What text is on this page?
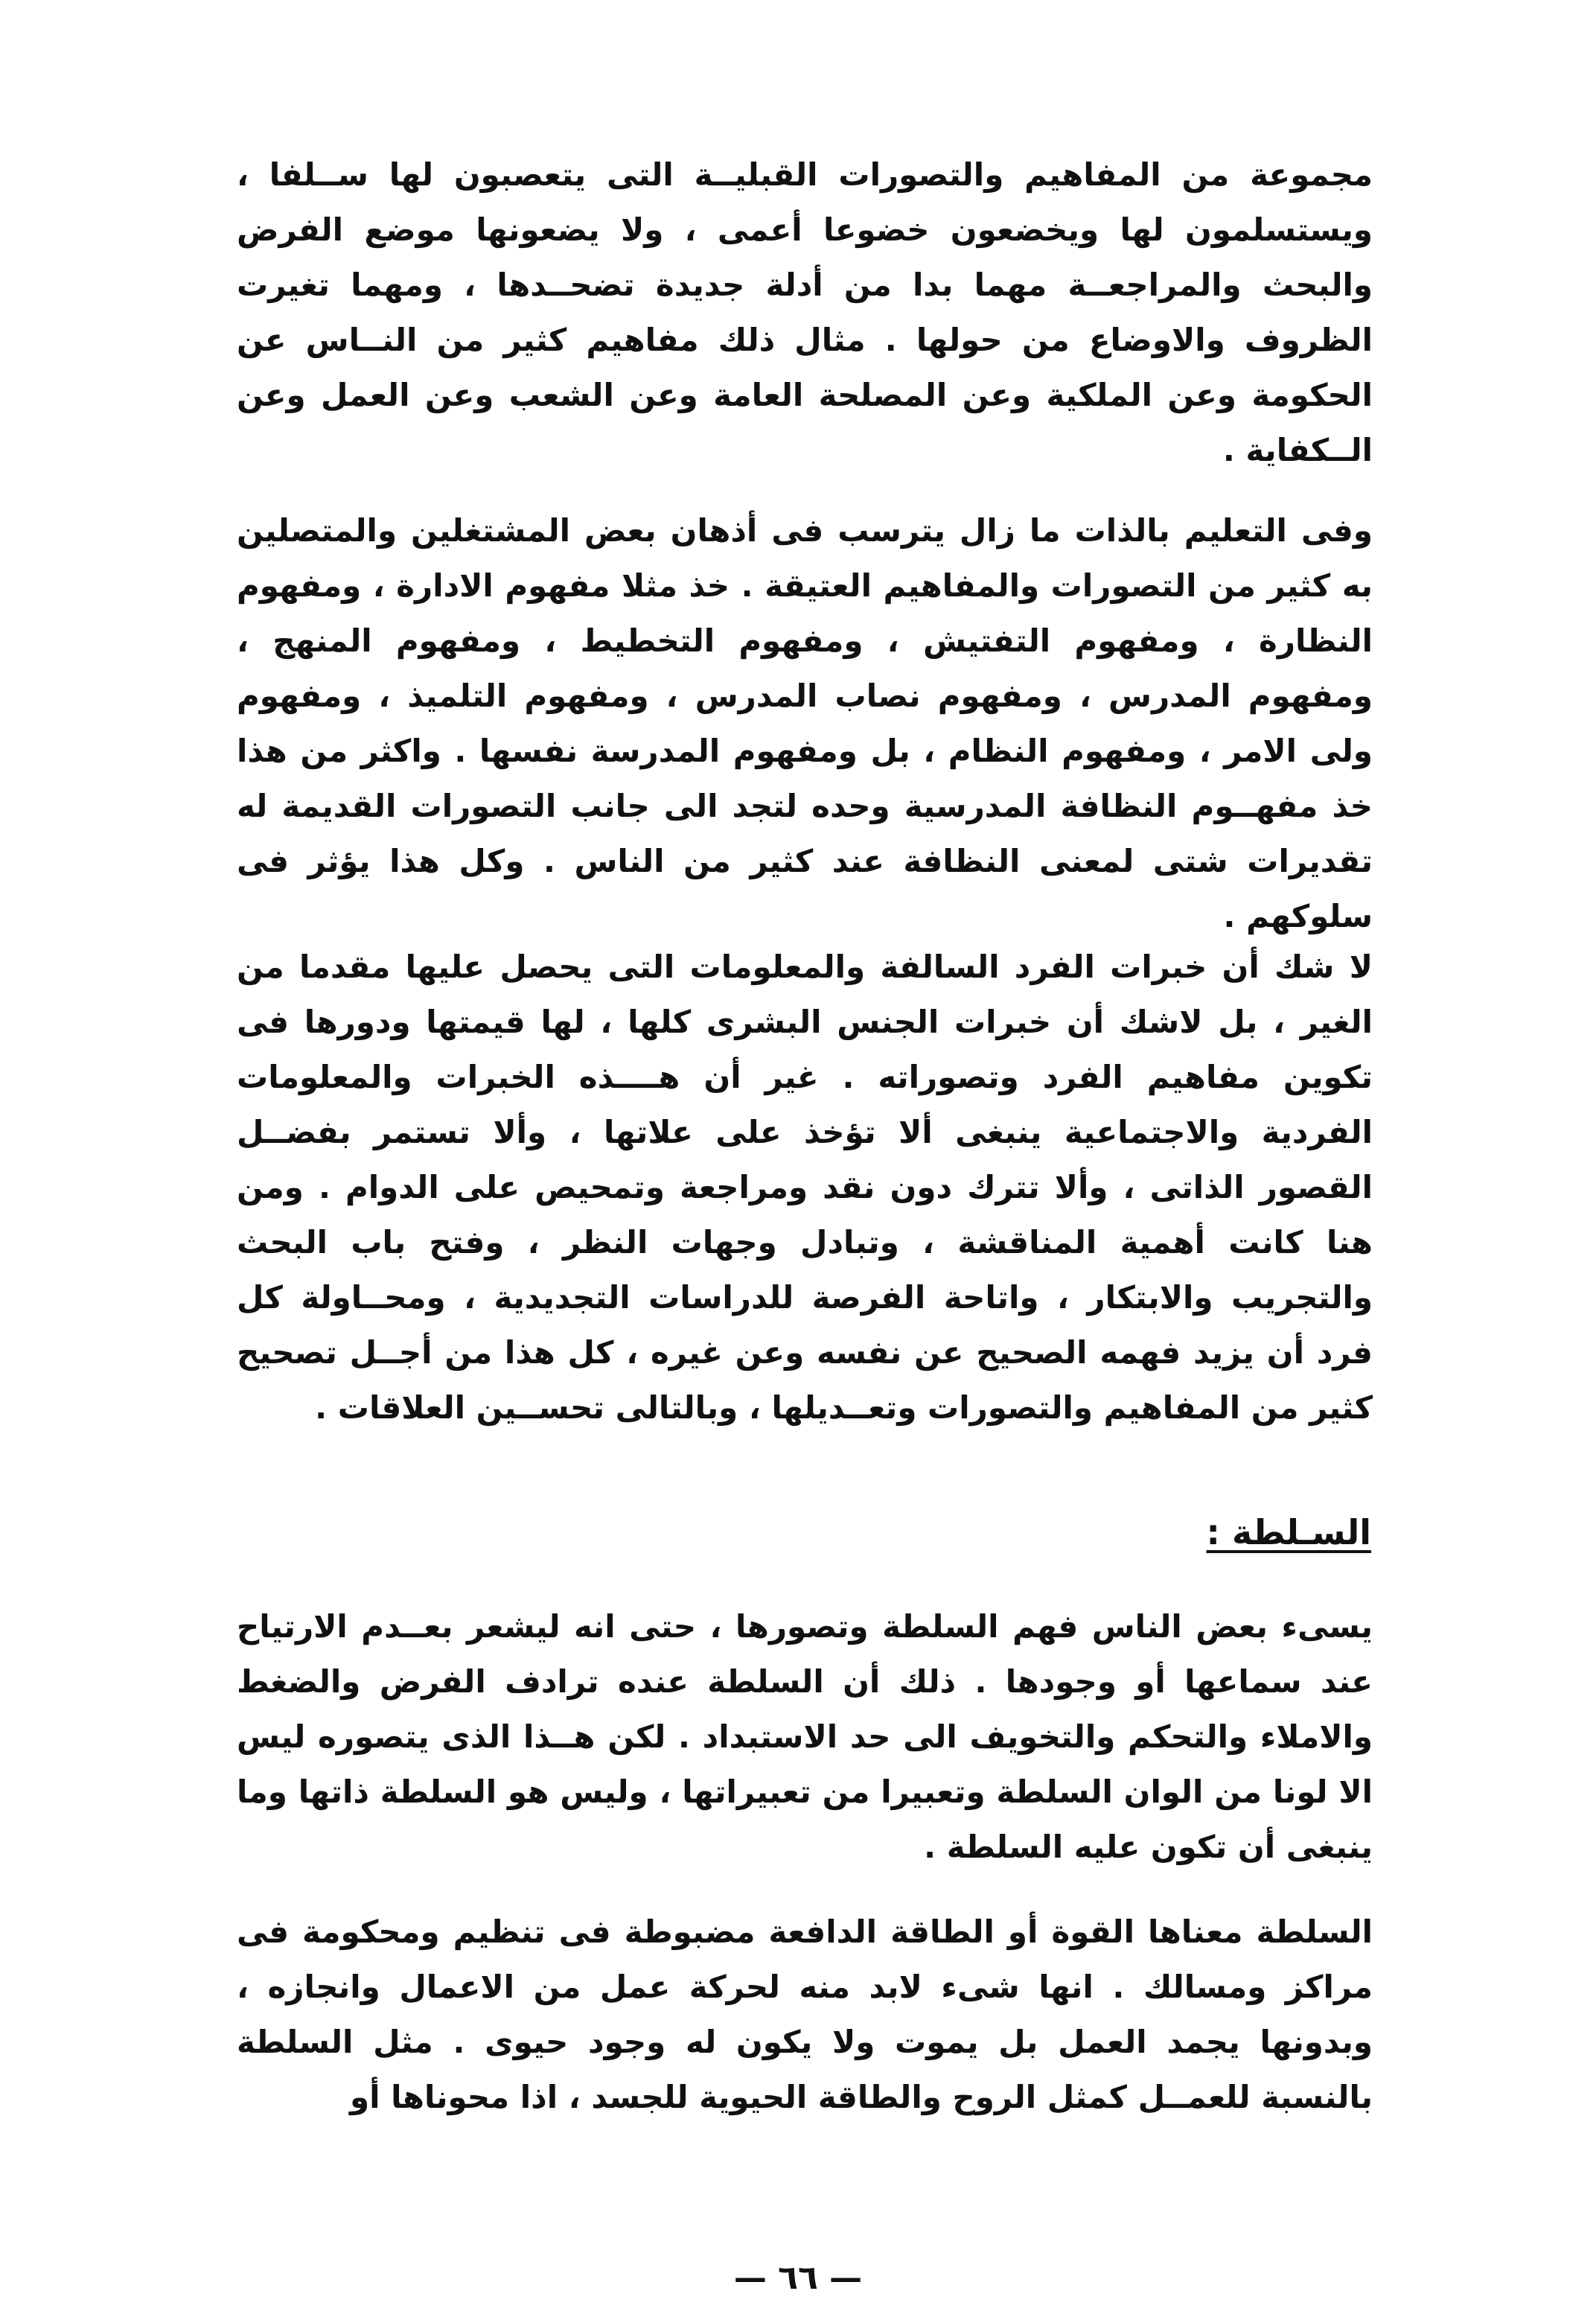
مجموعة من المفاهيم والتصورات القبليــة التى يتعصبون لها ســلفا ، ويستسلمون لها ويخضعون خضوعا أعمى ، ولا يضعونها موضع الفرض والبحث والمراجعــة مهما بدا من أدلة جديدة تضحــدها ، ومهما تغيرت الظروف والاوضاع من حولها . مثال ذلك مفاهيم كثير من النــاس عن الحكومة وعن الملكية وعن المصلحة العامة وعن الشعب وعن العمل وعن الــكفاية .
وفى التعليم بالذات ما زال يترسب فى أذهان بعض المشتغلين والمتصلين به كثير من التصورات والمفاهيم العتيقة . خذ مثلا مفهوم الادارة ، ومفهوم النظارة ، ومفهوم التفتيش ، ومفهوم التخطيط ، ومفهوم المنهج ، ومفهوم المدرس ، ومفهوم نصاب المدرس ، ومفهوم التلميذ ، ومفهوم ولى الامر ، ومفهوم النظام ، بل ومفهوم المدرسة نفسها . واكثر من هذا خذ مفهــوم النظافة المدرسية وحده لتجد الى جانب التصورات القديمة له تقديرات شتى لمعنى النظافة عند كثير من الناس . وكل هذا يؤثر فى سلوكهم .
لا شك أن خبرات الفرد السالفة والمعلومات التى يحصل عليها مقدما من الغير ، بل لاشك أن خبرات الجنس البشرى كلها ، لها قيمتها ودورها فى تكوين مفاهيم الفرد وتصوراته . غير أن هــــذه الخبرات والمعلومات الفردية والاجتماعية ينبغى ألا تؤخذ على علاتها ، وألا تستمر بفضــل القصور الذاتى ، وألا تترك دون نقد ومراجعة وتمحيص على الدوام . ومن هنا كانت أهمية المناقشة ، وتبادل وجهات النظر ، وفتح باب البحث والتجريب والابتكار ، واتاحة الفرصة للدراسات التجديدية ، ومحــاولة كل فرد أن يزيد فهمه الصحيح عن نفسه وعن غيره ، كل هذا من أجــل تصحيح كثير من المفاهيم والتصورات وتعــديلها ، وبالتالى تحســين العلاقات .
السـلطة :
يسىء بعض الناس فهم السلطة وتصورها ، حتى انه ليشعر بعــدم الارتياح عند سماعها أو وجودها . ذلك أن السلطة عنده ترادف الفرض والضغط والاملاء والتحكم والتخويف الى حد الاستبداد . لكن هــذا الذى يتصوره ليس الا لونا من الوان السلطة وتعبيرا من تعبيراتها ، وليس هو السلطة ذاتها وما ينبغى أن تكون عليه السلطة .
السلطة معناها القوة أو الطاقة الدافعة مضبوطة فى تنظيم ومحكومة فى مراكز ومسالك . انها شىء لابد منه لحركة عمل من الاعمال وانجازه ، وبدونها يجمد العمل بل يموت ولا يكون له وجود حيوى . مثل السلطة بالنسبة للعمــل كمثل الروح والطاقة الحيوية للجسد ، اذا محوناها أو
— ٦٦ —
